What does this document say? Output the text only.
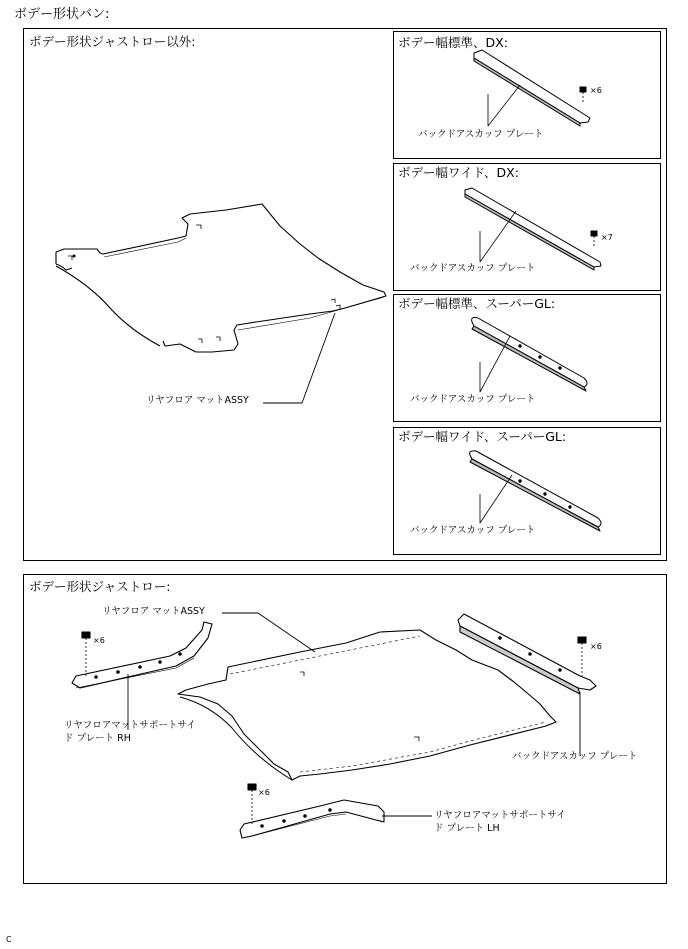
ボデー形状バン:
ボデー形状ジャストロー以外:
リヤフロア マットASSY
ボデー幅標準、DX:
×6
バックドアスカッフ プレート
ボデー幅ワイド、DX:
×7
バックドアスカッフ プレート
ボデー幅標準、スーパーGL:
バックドアスカッフ プレート
ボデー幅ワイド、スーパーGL:
バックドアスカッフ プレート
ボデー形状ジャストロー:
リヤフロア マットASSY
×6
リヤフロアマットサポートサイ
ド プレート RH
×6
バックドアスカッフ プレート
×6
リヤフロアマットサポートサイ
ド プレート LH
C
